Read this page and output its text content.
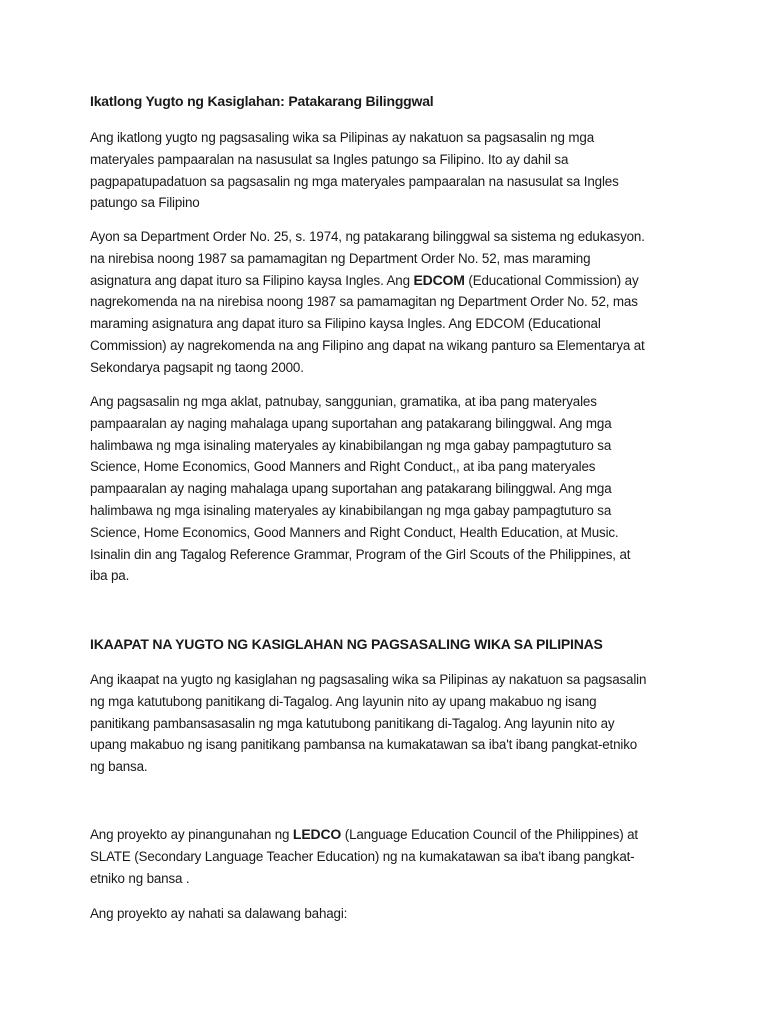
Ikatlong Yugto ng Kasiglahan: Patakarang Bilinggwal
Ang ikatlong yugto ng pagsasaling wika sa Pilipinas ay nakatuon sa pagsasalin ng mga
materyales pampaaralan na nasusulat sa Ingles patungo sa Filipino. Ito ay dahil sa
pagpapatupadatuon sa pagsasalin ng mga materyales pampaaralan na nasusulat sa Ingles
patungo sa Filipino
Ayon sa Department Order No. 25, s. 1974, ng patakarang bilinggwal sa sistema ng edukasyon.
na nirebisa noong 1987 sa pamamagitan ng Department Order No. 52, mas maraming
asignatura ang dapat ituro sa Filipino kaysa Ingles. Ang EDCOM (Educational Commission) ay
nagrekomenda na na nirebisa noong 1987 sa pamamagitan ng Department Order No. 52, mas
maraming asignatura ang dapat ituro sa Filipino kaysa Ingles. Ang EDCOM (Educational
Commission) ay nagrekomenda na ang Filipino ang dapat na wikang panturo sa Elementarya at
Sekondarya pagsapit ng taong 2000.
Ang pagsasalin ng mga aklat, patnubay, sanggunian, gramatika, at iba pang materyales
pampaaralan ay naging mahalaga upang suportahan ang patakarang bilinggwal. Ang mga
halimbawa ng mga isinaling materyales ay kinabibilangan ng mga gabay pampagtuturo sa
Science, Home Economics, Good Manners and Right Conduct,, at iba pang materyales
pampaaralan ay naging mahalaga upang suportahan ang patakarang bilinggwal. Ang mga
halimbawa ng mga isinaling materyales ay kinabibilangan ng mga gabay pampagtuturo sa
Science, Home Economics, Good Manners and Right Conduct, Health Education, at Music.
Isinalin din ang Tagalog Reference Grammar, Program of the Girl Scouts of the Philippines, at
iba pa.
IKAAPAT NA YUGTO NG KASIGLAHAN NG PAGSASALING WIKA SA PILIPINAS
Ang ikaapat na yugto ng kasiglahan ng pagsasaling wika sa Pilipinas ay nakatuon sa pagsasalin
ng mga katutubong panitikang di-Tagalog. Ang layunin nito ay upang makabuo ng isang
panitikang pambansasasalin ng mga katutubong panitikang di-Tagalog. Ang layunin nito ay
upang makabuo ng isang panitikang pambansa na kumakatawan sa iba't ibang pangkat-etniko
ng bansa.
Ang proyekto ay pinangunahan ng LEDCO (Language Education Council of the Philippines) at
SLATE (Secondary Language Teacher Education) ng na kumakatawan sa iba't ibang pangkat-
etniko ng bansa .
Ang proyekto ay nahati sa dalawang bahagi:
